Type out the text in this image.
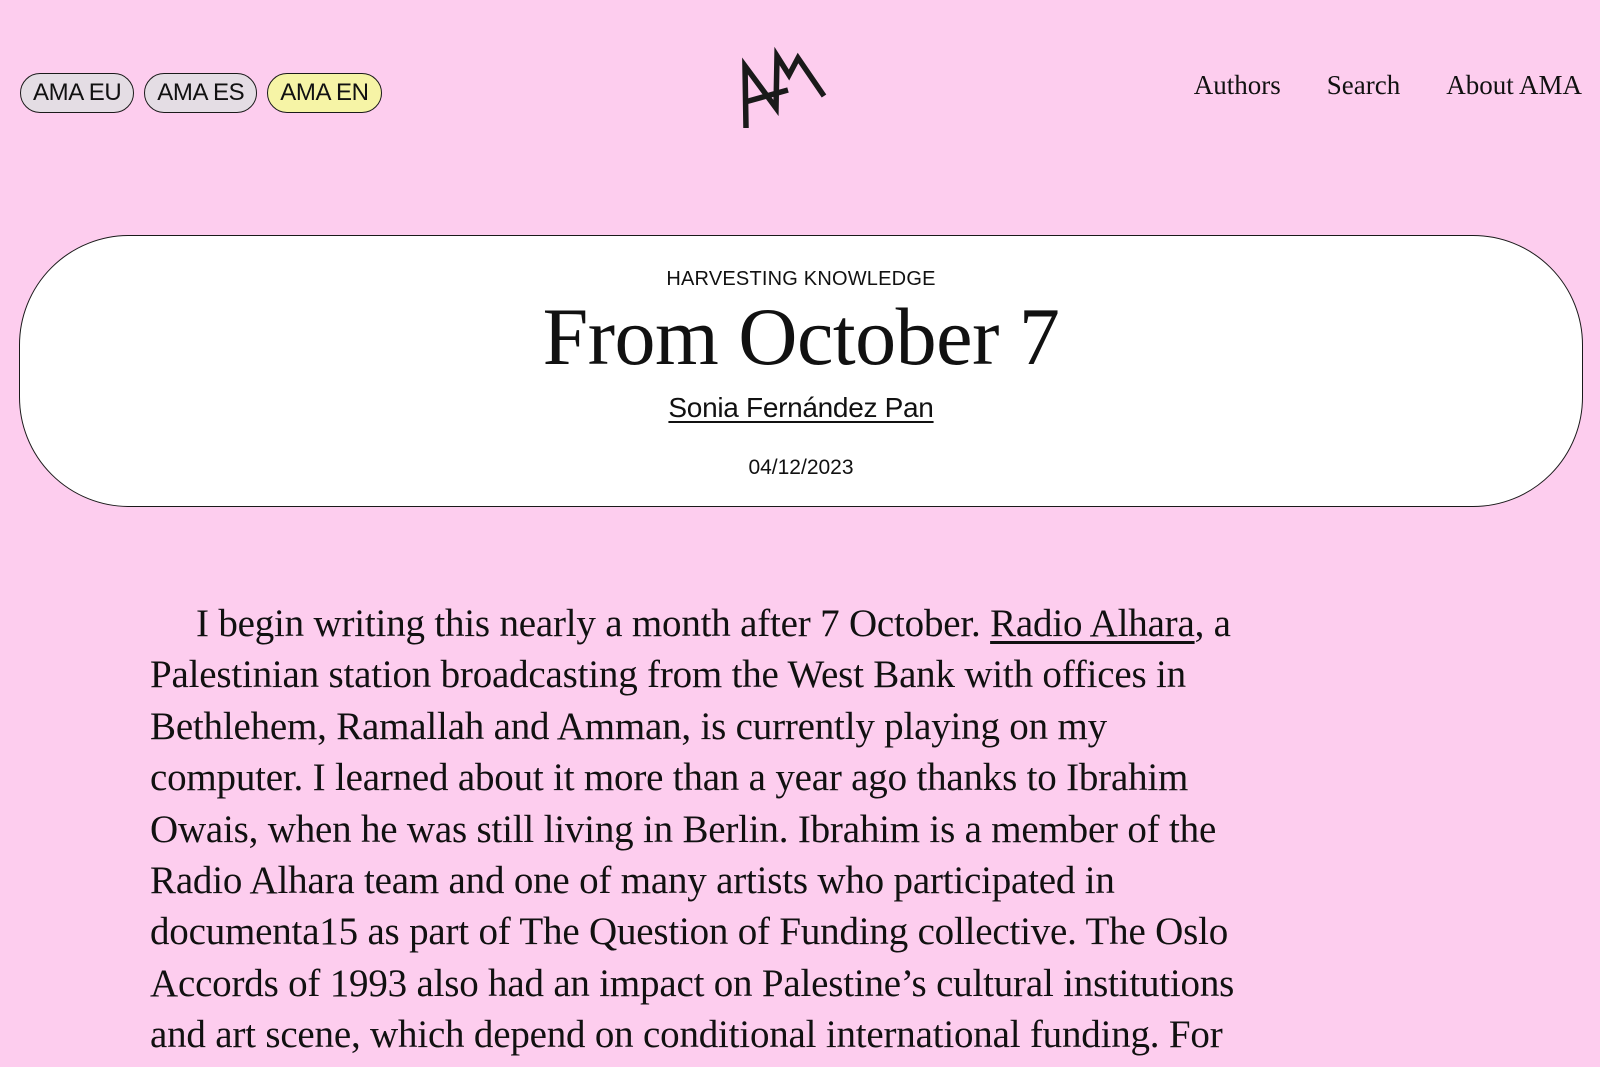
AMA EU	AMA ES	AMA EN	Authors Search About AMA
HARVESTING KNOWLEDGE
From October 7
Sonia Fernández Pan
04/12/2023
I begin writing this nearly a month after 7 October. Radio Alhara, a
Palestinian station broadcasting from the West Bank with offices in
Bethlehem, Ramallah and Amman, is currently playing on my
computer. I learned about it more than a year ago thanks to Ibrahim
Owais, when he was still living in Berlin. Ibrahim is a member of the
Radio Alhara team and one of many artists who participated in
documenta15 as part of The Question of Funding collective. The Oslo
Accords of 1993 also had an impact on Palestine’s cultural institutions
and art scene, which depend on conditional international funding. For
